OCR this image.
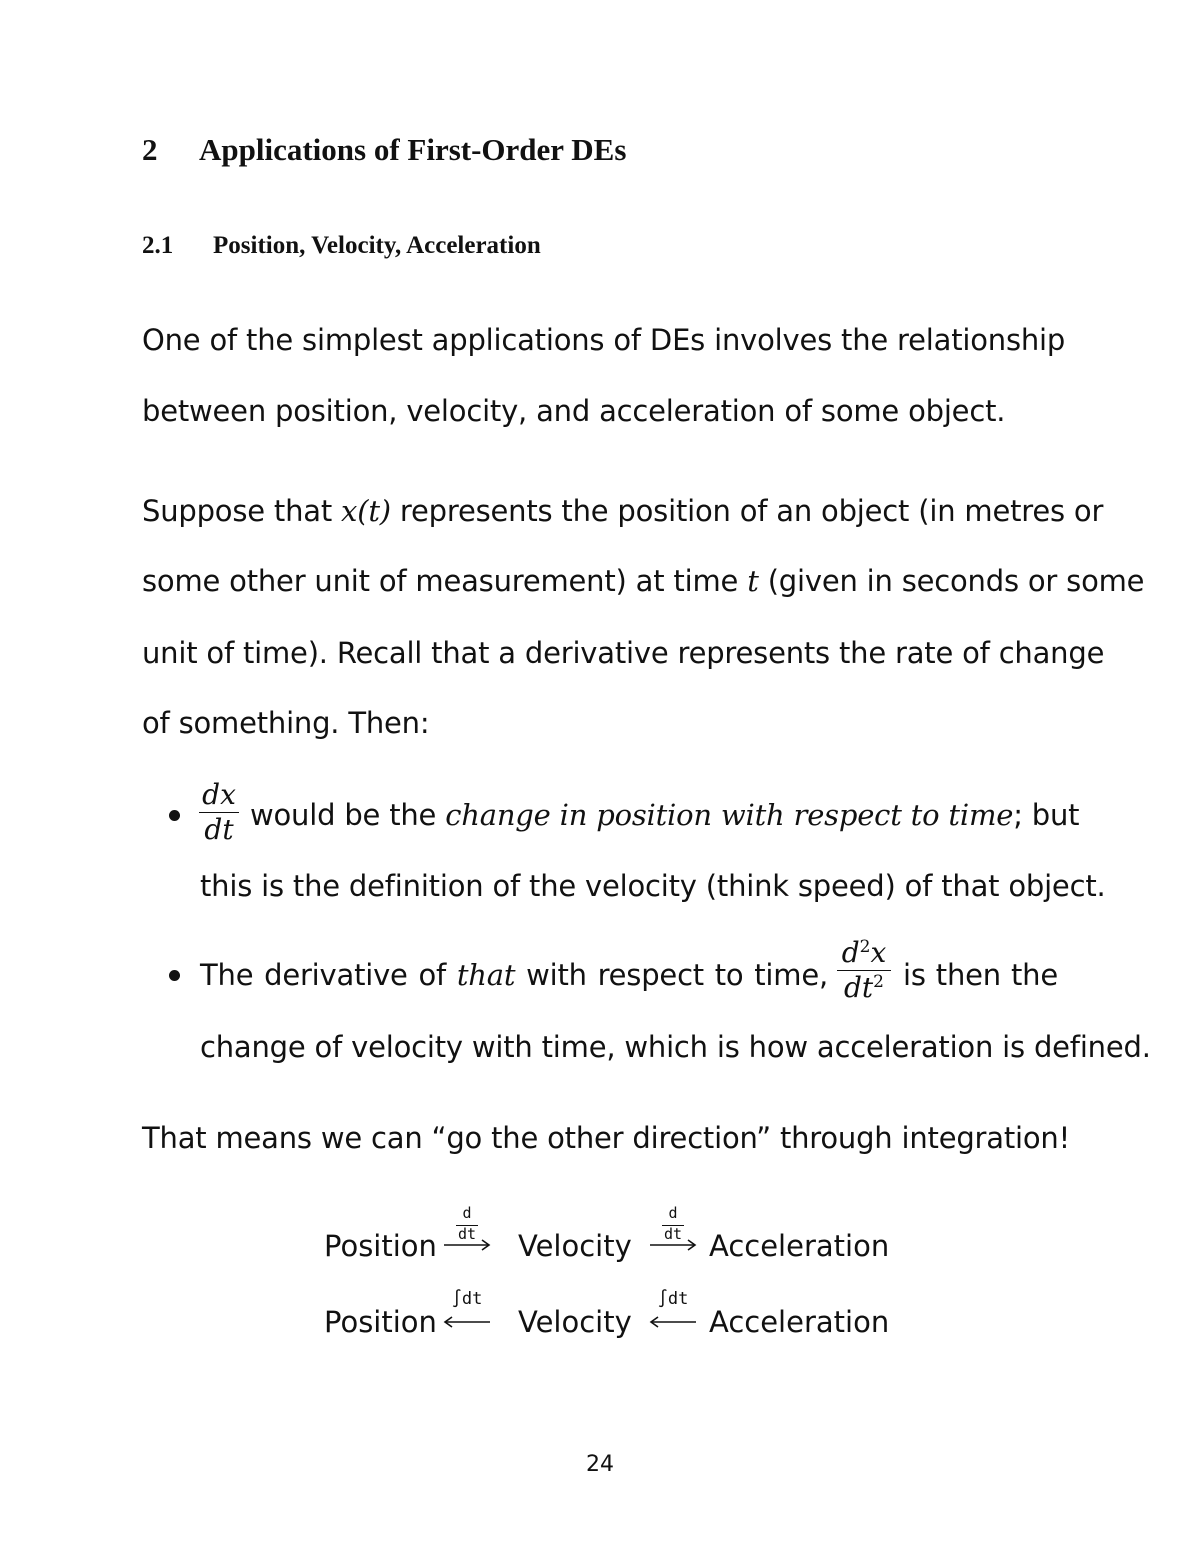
2 Applications of First-Order DEs
2.1 Position, Velocity, Acceleration
One of the simplest applications of DEs involves the relationship
between position, velocity, and acceleration of some object.
Suppose that x(t) represents the position of an object (in metres or
some other unit of measurement) at time t (given in seconds or some
unit of time). Recall that a derivative represents the rate of change
of something. Then:
dx
dt would be the change in position with respect to time; but
this is the definition of the velocity (think speed) of that object.
The derivative of that with respect to time,
$d^2x$
$dt^2$ is then the
change of velocity with time, which is how acceleration is defined.
That means we can “go the other direction” through integration!
Position
d
dt	Velocity
d
dt Acceleration
Position
∫dt
Velocity
∫dt
Acceleration
24
